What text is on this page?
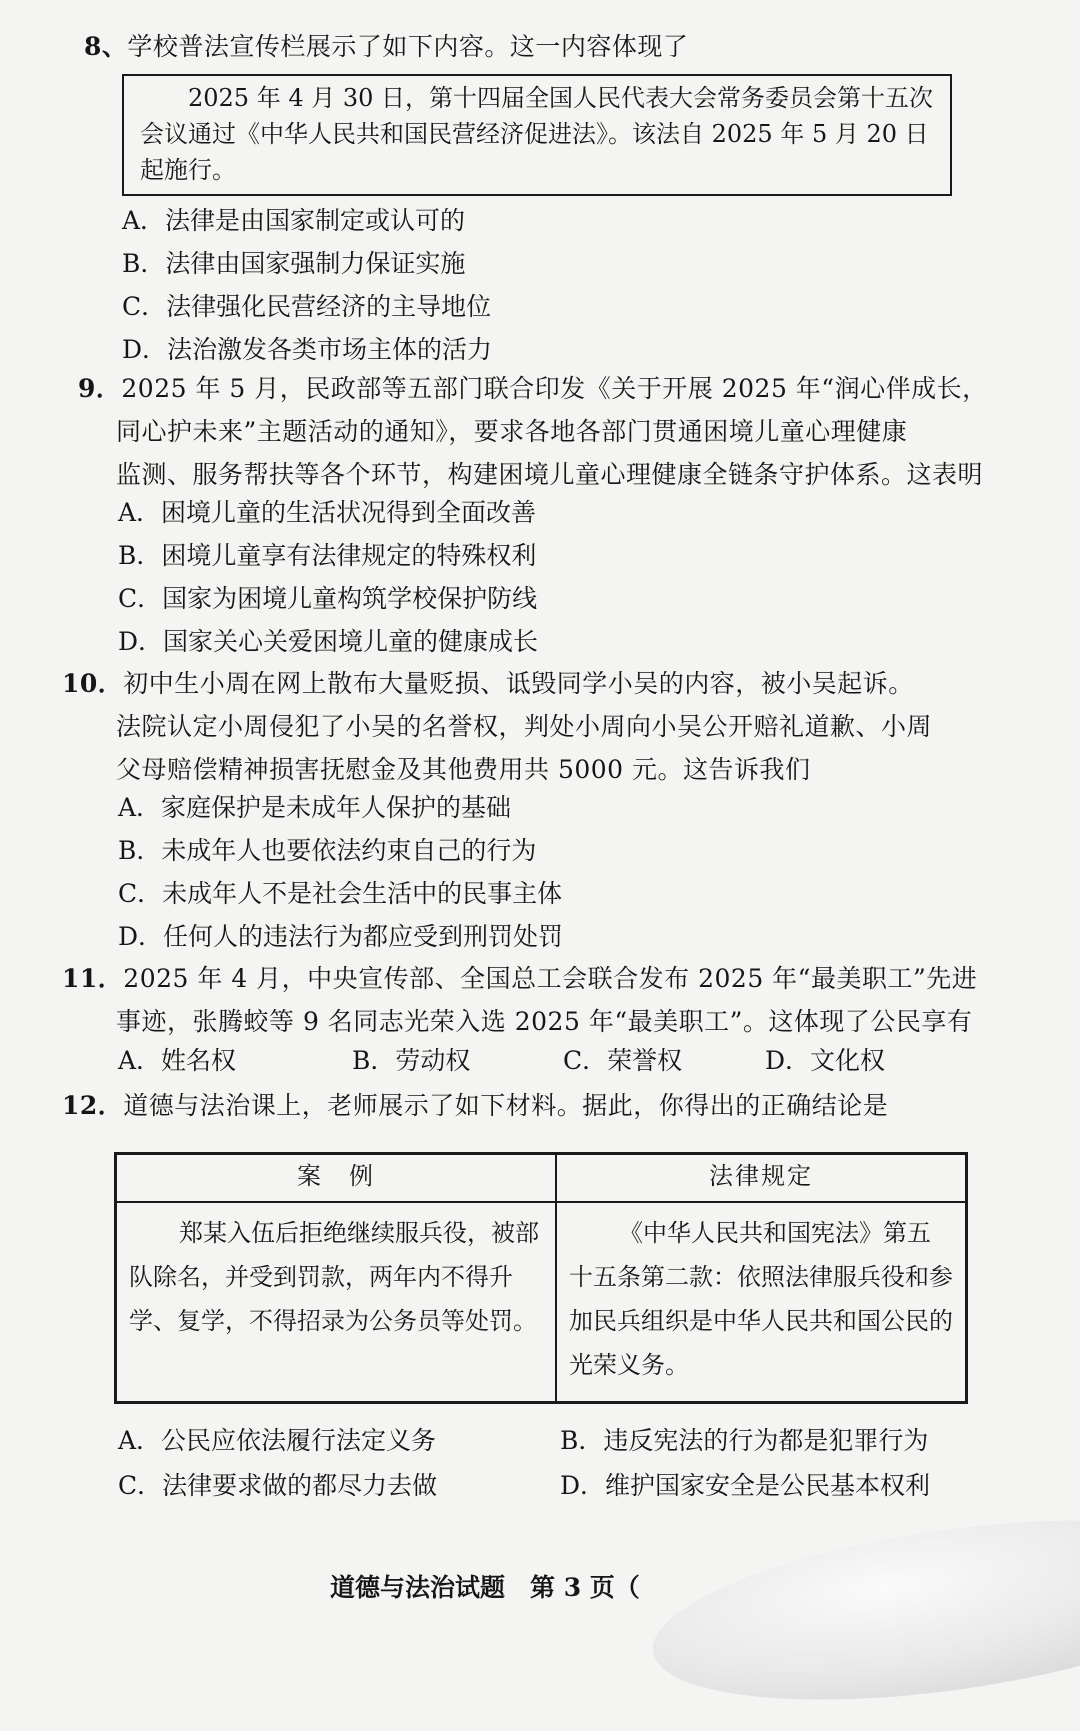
8、学校普法宣传栏展示了如下内容。这一内容体现了

2025 年 4 月 30 日，第十四届全国人民代表大会常务委员会第十五次会议通过《中华人民共和国民营经济促进法》。该法自 2025 年 5 月 20 日起施行。

A．法律是由国家制定或认可的
B．法律由国家强制力保证实施
C．法律强化民营经济的主导地位
D．法治激发各类市场主体的活力
9．2025 年 5 月，民政部等五部门联合印发《关于开展 2025 年“润心伴成长，
同心护未来”主题活动的通知》，要求各地各部门贯通困境儿童心理健康
监测、服务帮扶等各个环节，构建困境儿童心理健康全链条守护体系。这表明
A．困境儿童的生活状况得到全面改善
B．困境儿童享有法律规定的特殊权利
C．国家为困境儿童构筑学校保护防线
D．国家关心关爱困境儿童的健康成长
10．初中生小周在网上散布大量贬损、诋毁同学小吴的内容，被小吴起诉。
法院认定小周侵犯了小吴的名誉权，判处小周向小吴公开赔礼道歉、小周
父母赔偿精神损害抚慰金及其他费用共 5000 元。这告诉我们
A．家庭保护是未成年人保护的基础
B．未成年人也要依法约束自己的行为
C．未成年人不是社会生活中的民事主体
D．任何人的违法行为都应受到刑罚处罚
11．2025 年 4 月，中央宣传部、全国总工会联合发布 2025 年“最美职工”先进
事迹，张腾蛟等 9 名同志光荣入选 2025 年“最美职工”。这体现了公民享有
A．姓名权	B．劳动权	C．荣誉权	D．文化权
12．道德与法治课上，老师展示了如下材料。据此，你得出的正确结论是
案　例	法律规定

郑某入伍后拒绝继续服兵役，被部队除名，并受到罚款，两年内不得升学、复学，不得招录为公务员等处罚。	《中华人民共和国宪法》第五十五条第二款：依照法律服兵役和参加民兵组织是中华人民共和国公民的光荣义务。
A．公民应依法履行法定义务	B．违反宪法的行为都是犯罪行为
C．法律要求做的都尽力去做	D．维护国家安全是公民基本权利
道德与法治试题　第 3 页（
